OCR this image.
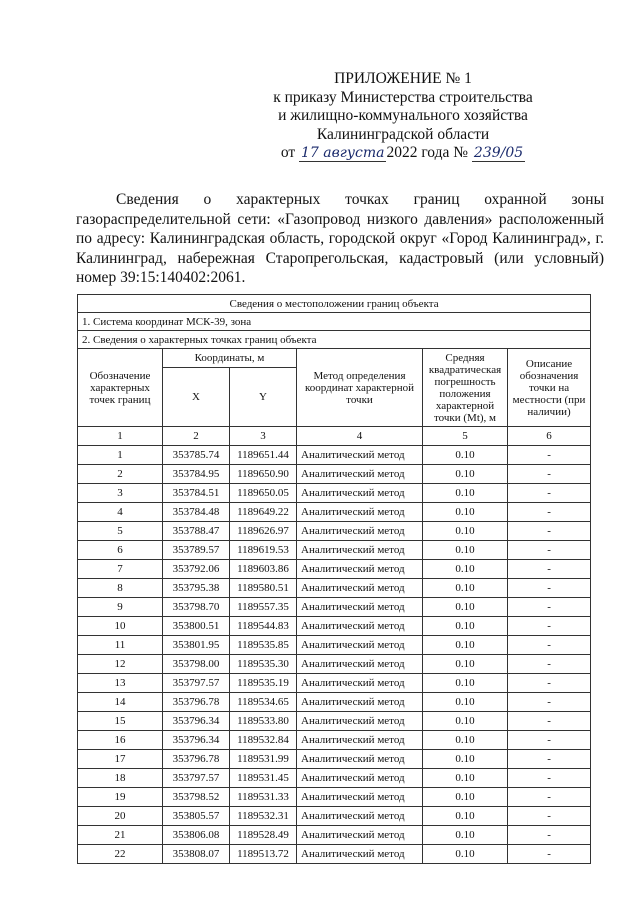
ПРИЛОЖЕНИЕ № 1
к приказу Министерства строительства
и жилищно-коммунального хозяйства
Калининградской области
от 17 августа 2022 года № 239/05

Сведения о характерных точках границ охранной зоны газораспределительной сети: «Газопровод низкого давления» расположенный по адресу: Калининградская область, городской округ «Город Калининград», г. Калининград, набережная Старопрегольская, кадастровый (или условный) номер 39:15:140402:2061.

Сведения о местоположении границ объекта					
1. Система координат МСК-39, зона					
2. Сведения о характерных точках границ объекта					
Обозначение характерных точек границ	Координаты, м		Метод определения координат характерной точки	Средняя квадратическая погрешность положения характерной точки (Мt), м	Описание обозначения точки на местности (при наличии)
	X	Y			
1	2	3	4	5	6
1	353785.74	1189651.44	Аналитический метод	0.10	-
2	353784.95	1189650.90	Аналитический метод	0.10	-
3	353784.51	1189650.05	Аналитический метод	0.10	-
4	353784.48	1189649.22	Аналитический метод	0.10	-
5	353788.47	1189626.97	Аналитический метод	0.10	-
6	353789.57	1189619.53	Аналитический метод	0.10	-
7	353792.06	1189603.86	Аналитический метод	0.10	-
8	353795.38	1189580.51	Аналитический метод	0.10	-
9	353798.70	1189557.35	Аналитический метод	0.10	-
10	353800.51	1189544.83	Аналитический метод	0.10	-
11	353801.95	1189535.85	Аналитический метод	0.10	-
12	353798.00	1189535.30	Аналитический метод	0.10	-
13	353797.57	1189535.19	Аналитический метод	0.10	-
14	353796.78	1189534.65	Аналитический метод	0.10	-
15	353796.34	1189533.80	Аналитический метод	0.10	-
16	353796.34	1189532.84	Аналитический метод	0.10	-
17	353796.78	1189531.99	Аналитический метод	0.10	-
18	353797.57	1189531.45	Аналитический метод	0.10	-
19	353798.52	1189531.33	Аналитический метод	0.10	-
20	353805.57	1189532.31	Аналитический метод	0.10	-
21	353806.08	1189528.49	Аналитический метод	0.10	-
22	353808.07	1189513.72	Аналитический метод	0.10	-
